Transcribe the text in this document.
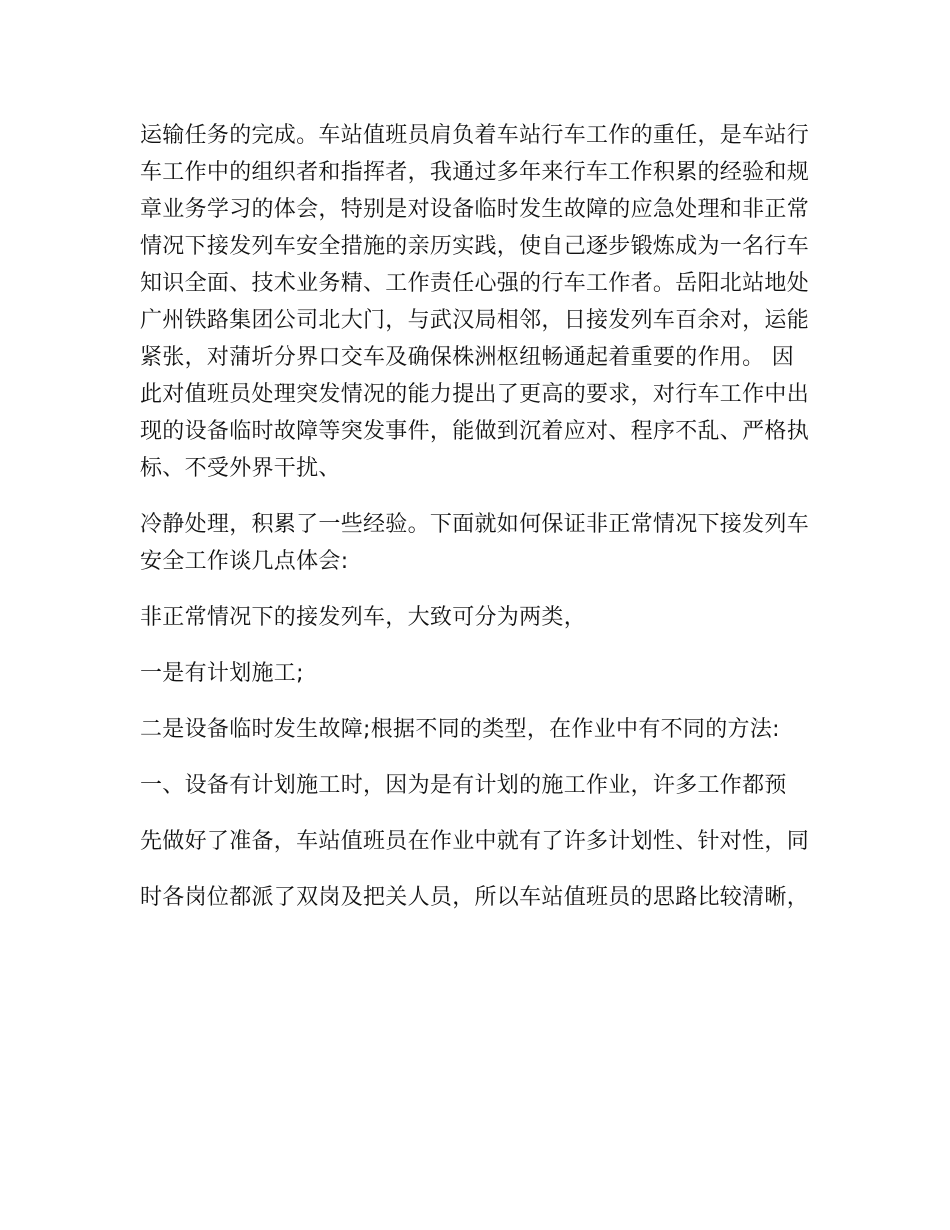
运输任务的完成。车站值班员肩负着车站行车工作的重任，是车站行车工作中的组织者和指挥者，我通过多年来行车工作积累的经验和规章业务学习的体会，特别是对设备临时发生故障的应急处理和非正常情况下接发列车安全措施的亲历实践，使自己逐步锻炼成为一名行车知识全面、技术业务精、工作责任心强的行车工作者。岳阳北站地处广州铁路集团公司北大门，与武汉局相邻，日接发列车百余对，运能紧张，对蒲圻分界口交车及确保株洲枢纽畅通起着重要的作用。 因此对值班员处理突发情况的能力提出了更高的要求，对行车工作中出现的设备临时故障等突发事件，能做到沉着应对、程序不乱、严格执标、不受外界干扰、

冷静处理，积累了一些经验。下面就如何保证非正常情况下接发列车安全工作谈几点体会:

非正常情况下的接发列车，大致可分为两类，

一是有计划施工;

二是设备临时发生故障;根据不同的类型，在作业中有不同的方法:

一、设备有计划施工时，因为是有计划的施工作业，许多工作都预

先做好了准备，车站值班员在作业中就有了许多计划性、针对性，同

时各岗位都派了双岗及把关人员，所以车站值班员的思路比较清晰，
